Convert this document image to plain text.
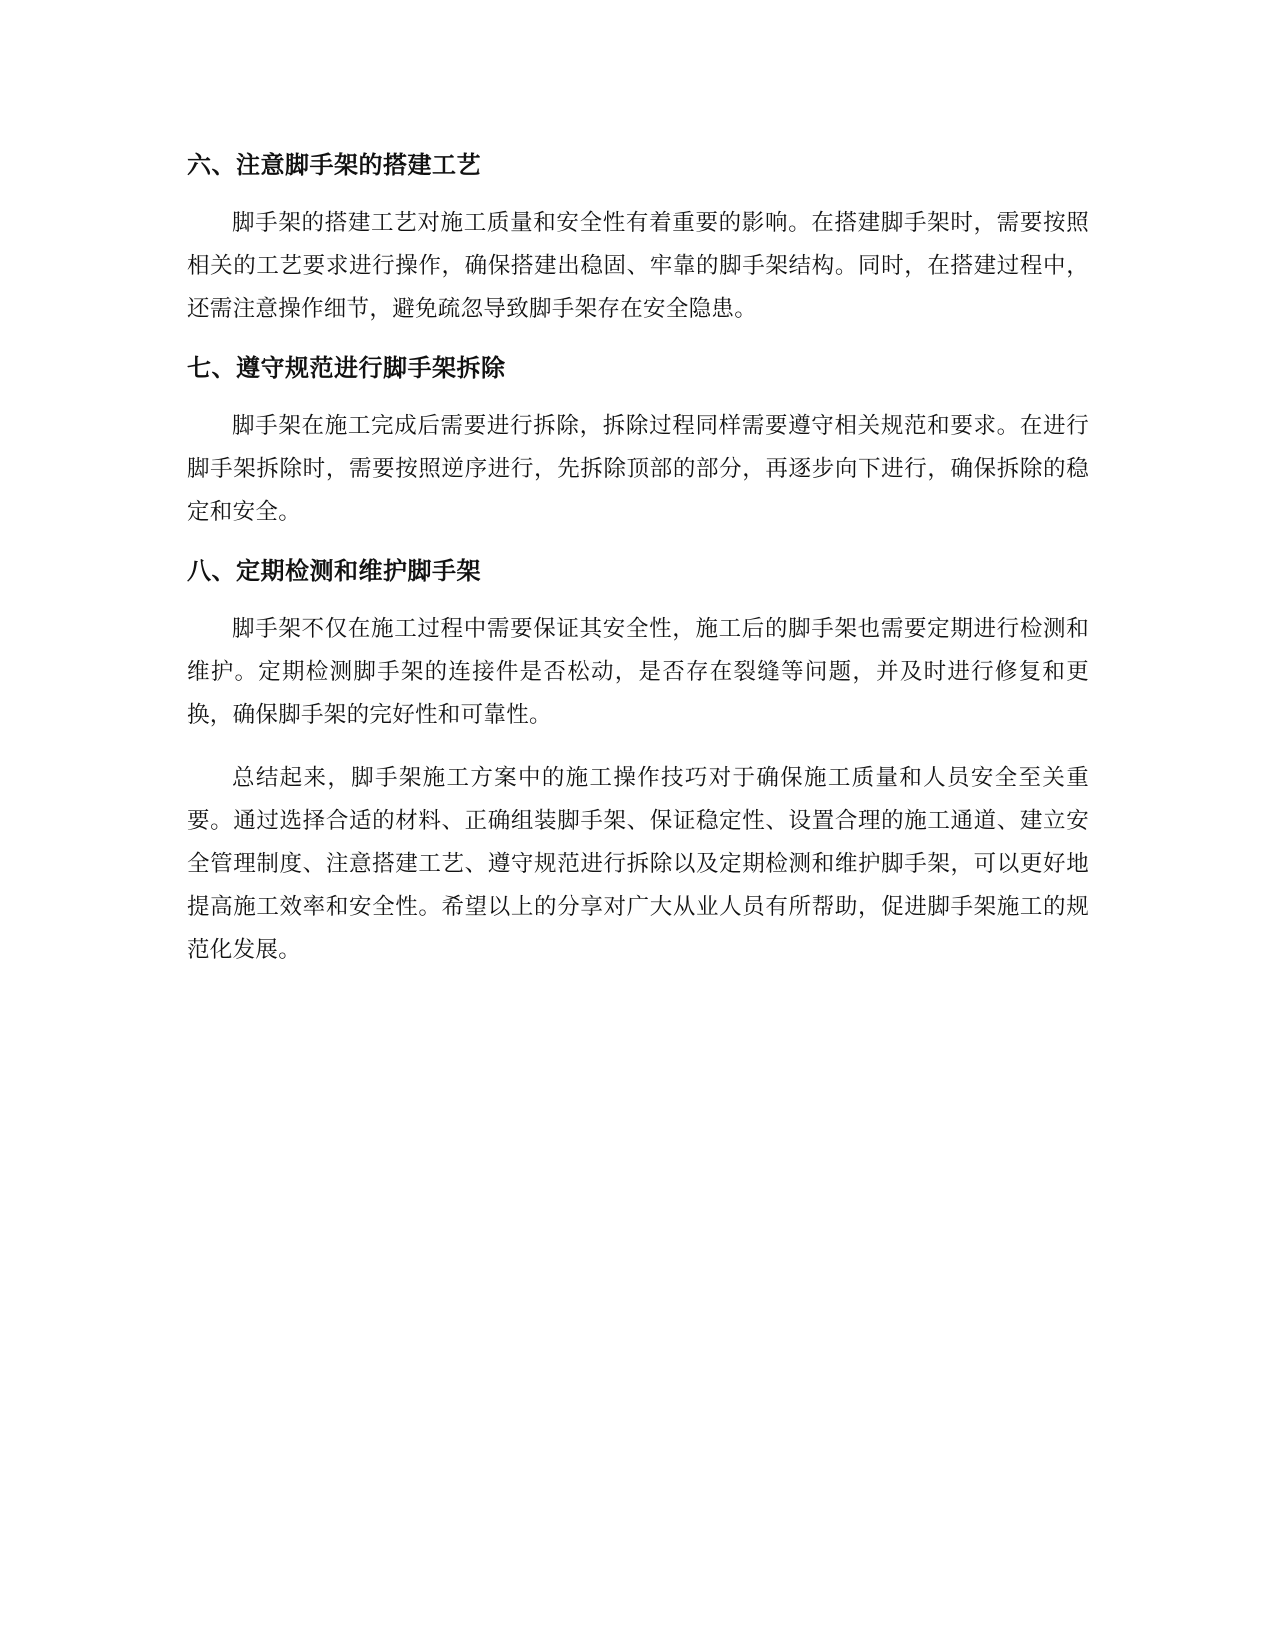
六、注意脚手架的搭建工艺

脚手架的搭建工艺对施工质量和安全性有着重要的影响。在搭建脚手架时，需要按照相关的工艺要求进行操作，确保搭建出稳固、牢靠的脚手架结构。同时，在搭建过程中，还需注意操作细节，避免疏忽导致脚手架存在安全隐患。

七、遵守规范进行脚手架拆除

脚手架在施工完成后需要进行拆除，拆除过程同样需要遵守相关规范和要求。在进行脚手架拆除时，需要按照逆序进行，先拆除顶部的部分，再逐步向下进行，确保拆除的稳定和安全。

八、定期检测和维护脚手架

脚手架不仅在施工过程中需要保证其安全性，施工后的脚手架也需要定期进行检测和维护。定期检测脚手架的连接件是否松动，是否存在裂缝等问题，并及时进行修复和更换，确保脚手架的完好性和可靠性。

总结起来，脚手架施工方案中的施工操作技巧对于确保施工质量和人员安全至关重要。通过选择合适的材料、正确组装脚手架、保证稳定性、设置合理的施工通道、建立安全管理制度、注意搭建工艺、遵守规范进行拆除以及定期检测和维护脚手架，可以更好地提高施工效率和安全性。希望以上的分享对广大从业人员有所帮助，促进脚手架施工的规范化发展。
